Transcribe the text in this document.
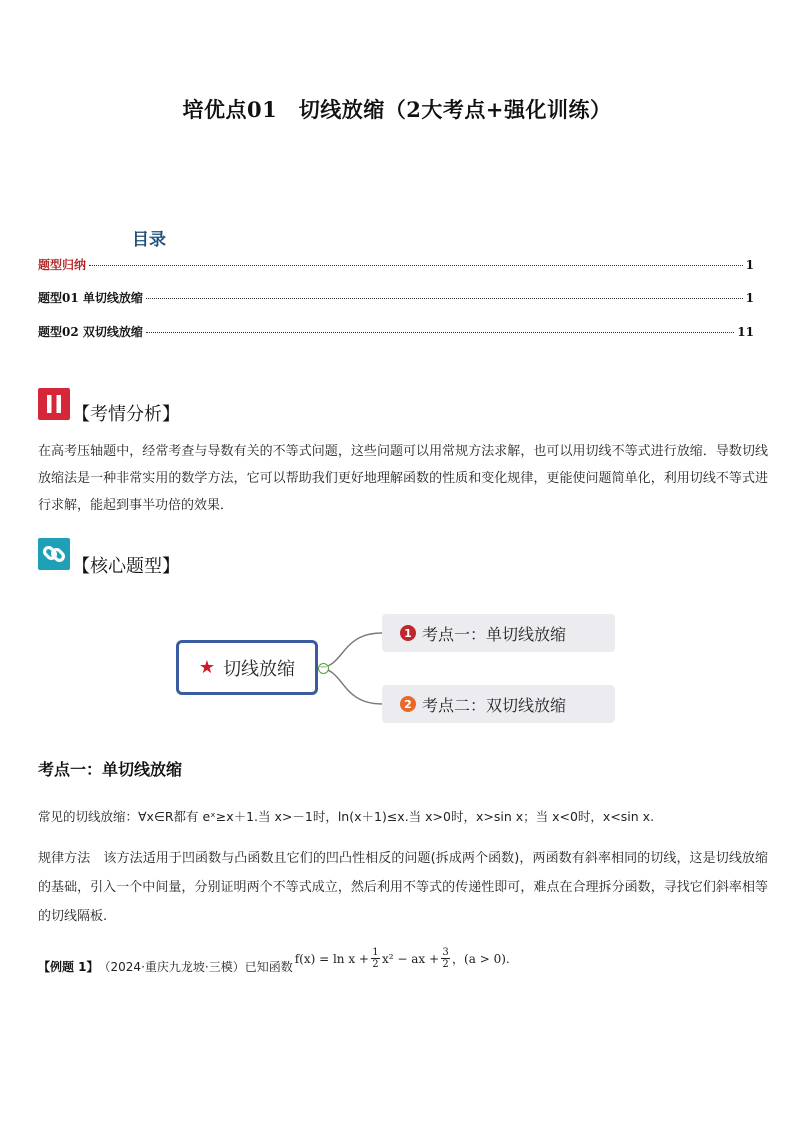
培优点01　切线放缩（2大考点+强化训练）
目录
题型归纳	1
题型01 单切线放缩	1
题型02 双切线放缩	11
【考情分析】
在高考压轴题中，经常考查与导数有关的不等式问题，这些问题可以用常规方法求解，也可以用切线不等式进行放缩．导数切线放缩法是一种非常实用的数学方法，它可以帮助我们更好地理解函数的性质和变化规律，更能使问题简单化，利用切线不等式进行求解，能起到事半功倍的效果．
【核心题型】
★ 切线放缩 −
1 考点一：单切线放缩
2 考点二：双切线放缩
考点一：单切线放缩
常见的切线放缩：∀x∈R都有 eˣ≥x＋1.当 x>－1时，ln(x＋1)≤x.当 x>0时，x>sin x；当 x<0时，x<sin x.
规律方法　该方法适用于凹函数与凸函数且它们的凹凸性相反的问题(拆成两个函数)，两函数有斜率相同的切线，这是切线放缩的基础，引入一个中间量，分别证明两个不等式成立，然后利用不等式的传递性即可，难点在合理拆分函数，寻找它们斜率相等的切线隔板.
【例题 1】 （2024·重庆九龙坡·三模）已知函数
$f(x) = \ln x + \frac{1}{2} x^2$ − ax + $\frac{3}{2}$ ，(a > 0) .
